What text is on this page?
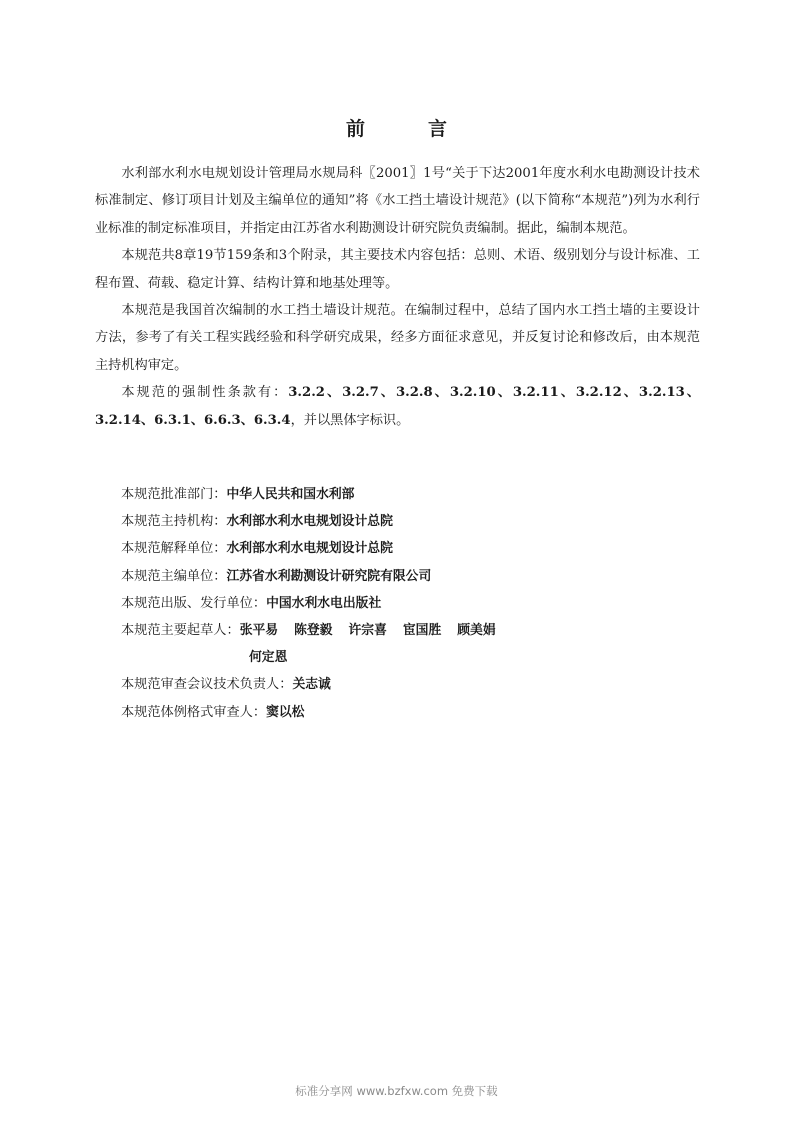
前　言

水利部水利水电规划设计管理局水规局科〖2001〗1号“关于下达2001年度水利水电勘测设计技术标准制定、修订项目计划及主编单位的通知”将《水工挡土墙设计规范》(以下简称“本规范”)列为水利行业标准的制定标准项目，并指定由江苏省水利勘测设计研究院负责编制。据此，编制本规范。

本规范共8章19节159条和3个附录，其主要技术内容包括：总则、术语、级别划分与设计标准、工程布置、荷载、稳定计算、结构计算和地基处理等。

本规范是我国首次编制的水工挡土墙设计规范。在编制过程中，总结了国内水工挡土墙的主要设计方法，参考了有关工程实践经验和科学研究成果，经多方面征求意见，并反复讨论和修改后，由本规范主持机构审定。

本规范的强制性条款有：3.2.2、3.2.7、3.2.8、3.2.10、3.2.11、3.2.12、3.2.13、3.2.14、6.3.1、6.6.3、6.3.4，并以黑体字标识。

本规范批准部门：中华人民共和国水利部
本规范主持机构：水利部水利水电规划设计总院
本规范解释单位：水利部水利水电规划设计总院
本规范主编单位：江苏省水利勘测设计研究院有限公司
本规范出版、发行单位：中国水利水电出版社
本规范主要起草人：张平易 陈登毅 许宗喜 宦国胜 顾美娟
何定恩
本规范审查会议技术负责人：关志诚
本规范体例格式审查人：窦以松
标准分享网 www.bzfxw.com 免费下载
